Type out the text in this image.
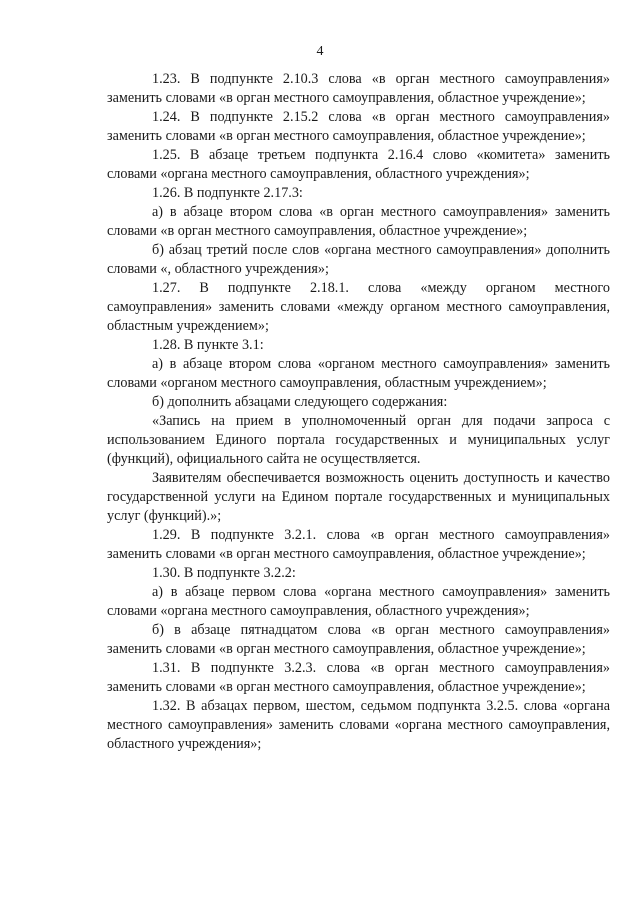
4

1.23. В подпункте 2.10.3 слова «в орган местного самоуправления» заменить словами «в орган местного самоуправления, областное учреждение»;

1.24. В подпункте 2.15.2 слова «в орган местного самоуправления» заменить словами «в орган местного самоуправления, областное учреждение»;

1.25. В абзаце третьем подпункта 2.16.4 слово «комитета» заменить словами «органа местного самоуправления, областного учреждения»;

1.26. В подпункте 2.17.3:

а) в абзаце втором слова «в орган местного самоуправления» заменить словами «в орган местного самоуправления, областное учреждение»;

б) абзац третий после слов «органа местного самоуправления» дополнить словами «, областного учреждения»;

1.27. В подпункте 2.18.1. слова «между органом местного самоуправления» заменить словами «между органом местного самоуправления, областным учреждением»;

1.28. В пункте 3.1:

а) в абзаце втором слова «органом местного самоуправления» заменить словами «органом местного самоуправления, областным учреждением»;

б) дополнить абзацами следующего содержания:

«Запись на прием в уполномоченный орган для подачи запроса с использованием Единого портала государственных и муниципальных услуг (функций), официального сайта не осуществляется.

Заявителям обеспечивается возможность оценить доступность и качество государственной услуги на Едином портале государственных и муниципальных услуг (функций).»;

1.29. В подпункте 3.2.1. слова «в орган местного самоуправления» заменить словами «в орган местного самоуправления, областное учреждение»;

1.30. В подпункте 3.2.2:

а) в абзаце первом слова «органа местного самоуправления» заменить словами «органа местного самоуправления, областного учреждения»;

б) в абзаце пятнадцатом слова «в орган местного самоуправления» заменить словами «в орган местного самоуправления, областное учреждение»;

1.31. В подпункте 3.2.3. слова «в орган местного самоуправления» заменить словами «в орган местного самоуправления, областное учреждение»;

1.32. В абзацах первом, шестом, седьмом подпункта 3.2.5. слова «органа местного самоуправления» заменить словами «органа местного самоуправления, областного учреждения»;
